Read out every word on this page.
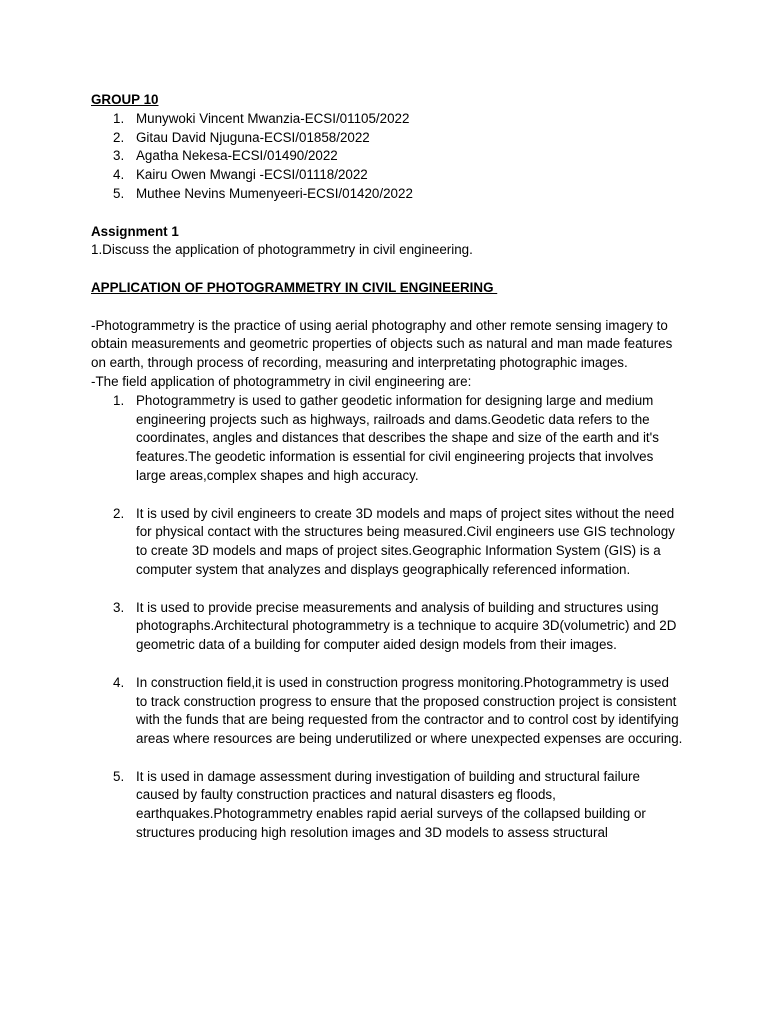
GROUP 10

1. Munywoki Vincent Mwanzia-ECSI/01105/2022
2. Gitau David Njuguna-ECSI/01858/2022
3. Agatha Nekesa-ECSI/01490/2022
4. Kairu Owen Mwangi -ECSI/01118/2022
5. Muthee Nevins Mumenyeeri-ECSI/01420/2022

Assignment 1

1.Discuss the application of photogrammetry in civil engineering.

APPLICATION OF PHOTOGRAMMETRY IN CIVIL ENGINEERING

-Photogrammetry is the practice of using aerial photography and other remote sensing imagery to obtain measurements and geometric properties of objects such as natural and man made features on earth, through process of recording, measuring and interpretating photographic images.

-The field application of photogrammetry in civil engineering are:

1. Photogrammetry is used to gather geodetic information for designing large and medium engineering projects such as highways, railroads and dams.Geodetic data refers to the coordinates, angles and distances that describes the shape and size of the earth and it's features.The geodetic information is essential for civil engineering projects that involves large areas,complex shapes and high accuracy.
2. It is used by civil engineers to create 3D models and maps of project sites without the need for physical contact with the structures being measured.Civil engineers use GIS technology to create 3D models and maps of project sites.Geographic Information System (GIS) is a computer system that analyzes and displays geographically referenced information.
3. It is used to provide precise measurements and analysis of building and structures using photographs.Architectural photogrammetry is a technique to acquire 3D(volumetric) and 2D geometric data of a building for computer aided design models from their images.
4. In construction field,it is used in construction progress monitoring.Photogrammetry is used to track construction progress to ensure that the proposed construction project is consistent with the funds that are being requested from the contractor and to control cost by identifying areas where resources are being underutilized or where unexpected expenses are occuring.
5. It is used in damage assessment during investigation of building and structural failure caused by faulty construction practices and natural disasters eg floods, earthquakes.Photogrammetry enables rapid aerial surveys of the collapsed building or structures producing high resolution images and 3D models to assess structural
